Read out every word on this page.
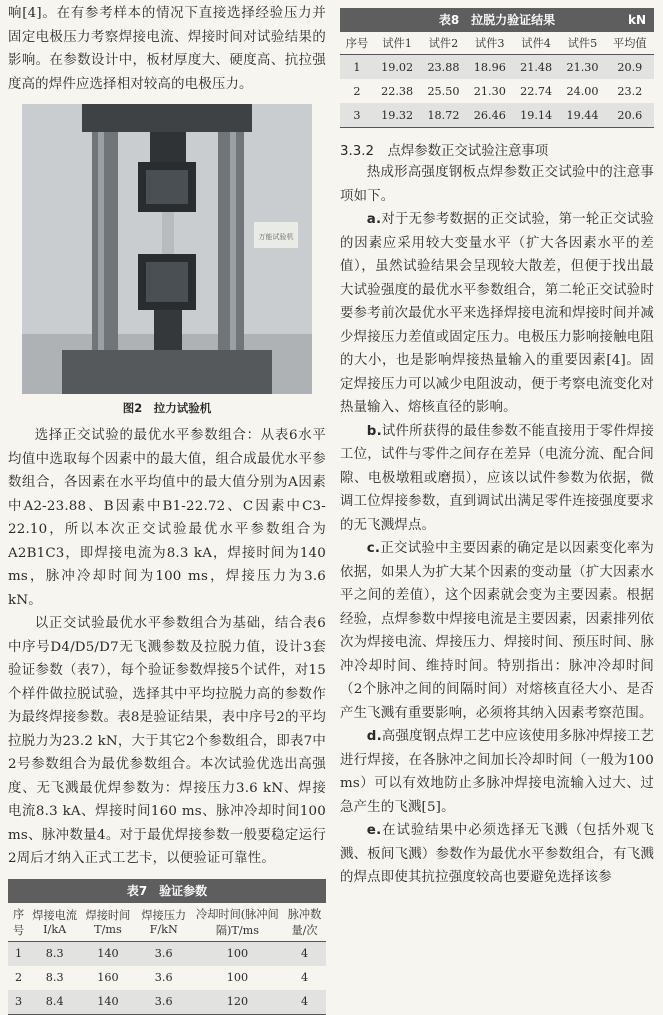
响[4]。在有参考样本的情况下直接选择经验压力并固定电极压力考察焊接电流、焊接时间对试验结果的影响。在参数设计中，板材厚度大、硬度高、抗拉强度高的焊件应选择相对较高的电极压力。

万能试验机
图2　拉力试验机

选择正交试验的最优水平参数组合：从表6水平均值中选取每个因素中的最大值，组合成最优水平参数组合，各因素在水平均值中的最大值分别为A因素中A2-23.88、B因素中B1-22.72、C因素中C3-22.10，所以本次正交试验最优水平参数组合为A2B1C3，即焊接电流为8.3 kA，焊接时间为140 ms，脉冲冷却时间为100 ms，焊接压力为3.6 kN。

以正交试验最优水平参数组合为基础，结合表6中序号D4/D5/D7无飞溅参数及拉脱力值，设计3套验证参数（表7），每个验证参数焊接5个试件，对15个样件做拉脱试验，选择其中平均拉脱力高的参数作为最终焊接参数。表8是验证结果，表中序号2的平均拉脱力为23.2 kN，大于其它2个参数组合，即表7中2号参数组合为最优参数组合。本次试验优选出高强度、无飞溅最优焊参数为：焊接压力3.6 kN、焊接电流8.3 kA、焊接时间160 ms、脉冲冷却时间100 ms、脉冲数量4。对于最优焊接参数一般要稳定运行2周后才纳入正式工艺卡，以便验证可靠性。

表7　验证参数
序号	焊接电流I/kA	焊接时间T/ms	焊接压力F/kN	冷却时间(脉冲间隔)T/ms	脉冲数量/次
1	8.3	140	3.6	100	4
2	8.3	160	3.6	100	4
3	8.4	140	3.6	120	4
表8　拉脱力验证结果	kN
序号	试件1	试件2	试件3	试件4	试件5	平均值
1	19.02	23.88	18.96	21.48	21.30	20.9
2	22.38	25.50	21.30	22.74	24.00	23.2
3	19.32	18.72	26.46	19.14	19.44	20.6
3.3.2　点焊参数正交试验注意事项

热成形高强度钢板点焊参数正交试验中的注意事项如下。

a.对于无参考数据的正交试验，第一轮正交试验的因素应采用较大变量水平（扩大各因素水平的差值），虽然试验结果会呈现较大散差，但便于找出最大试验强度的最优水平参数组合，第二轮正交试验时要参考前次最优水平来选择焊接电流和焊接时间并减少焊接压力差值或固定压力。电极压力影响接触电阻的大小，也是影响焊接热量输入的重要因素[4]。固定焊接压力可以减少电阻波动，便于考察电流变化对热量输入、熔核直径的影响。

b.试件所获得的最佳参数不能直接用于零件焊接工位，试件与零件之间存在差异（电流分流、配合间隙、电极墩粗或磨损），应该以试件参数为依据，微调工位焊接参数，直到调试出满足零件连接强度要求的无飞溅焊点。

c.正交试验中主要因素的确定是以因素变化率为依据，如果人为扩大某个因素的变动量（扩大因素水平之间的差值），这个因素就会变为主要因素。根据经验，点焊参数中焊接电流是主要因素，因素排列依次为焊接电流、焊接压力、焊接时间、预压时间、脉冲冷却时间、维持时间。特别指出：脉冲冷却时间（2个脉冲之间的间隔时间）对熔核直径大小、是否产生飞溅有重要影响，必须将其纳入因素考察范围。

d.高强度钢点焊工艺中应该使用多脉冲焊接工艺进行焊接，在各脉冲之间加长冷却时间（一般为100 ms）可以有效地防止多脉冲焊接电流输入过大、过急产生的飞溅[5]。

e.在试验结果中必须选择无飞溅（包括外观飞溅、板间飞溅）参数作为最优水平参数组合，有飞溅的焊点即使其抗拉强度较高也要避免选择该参
